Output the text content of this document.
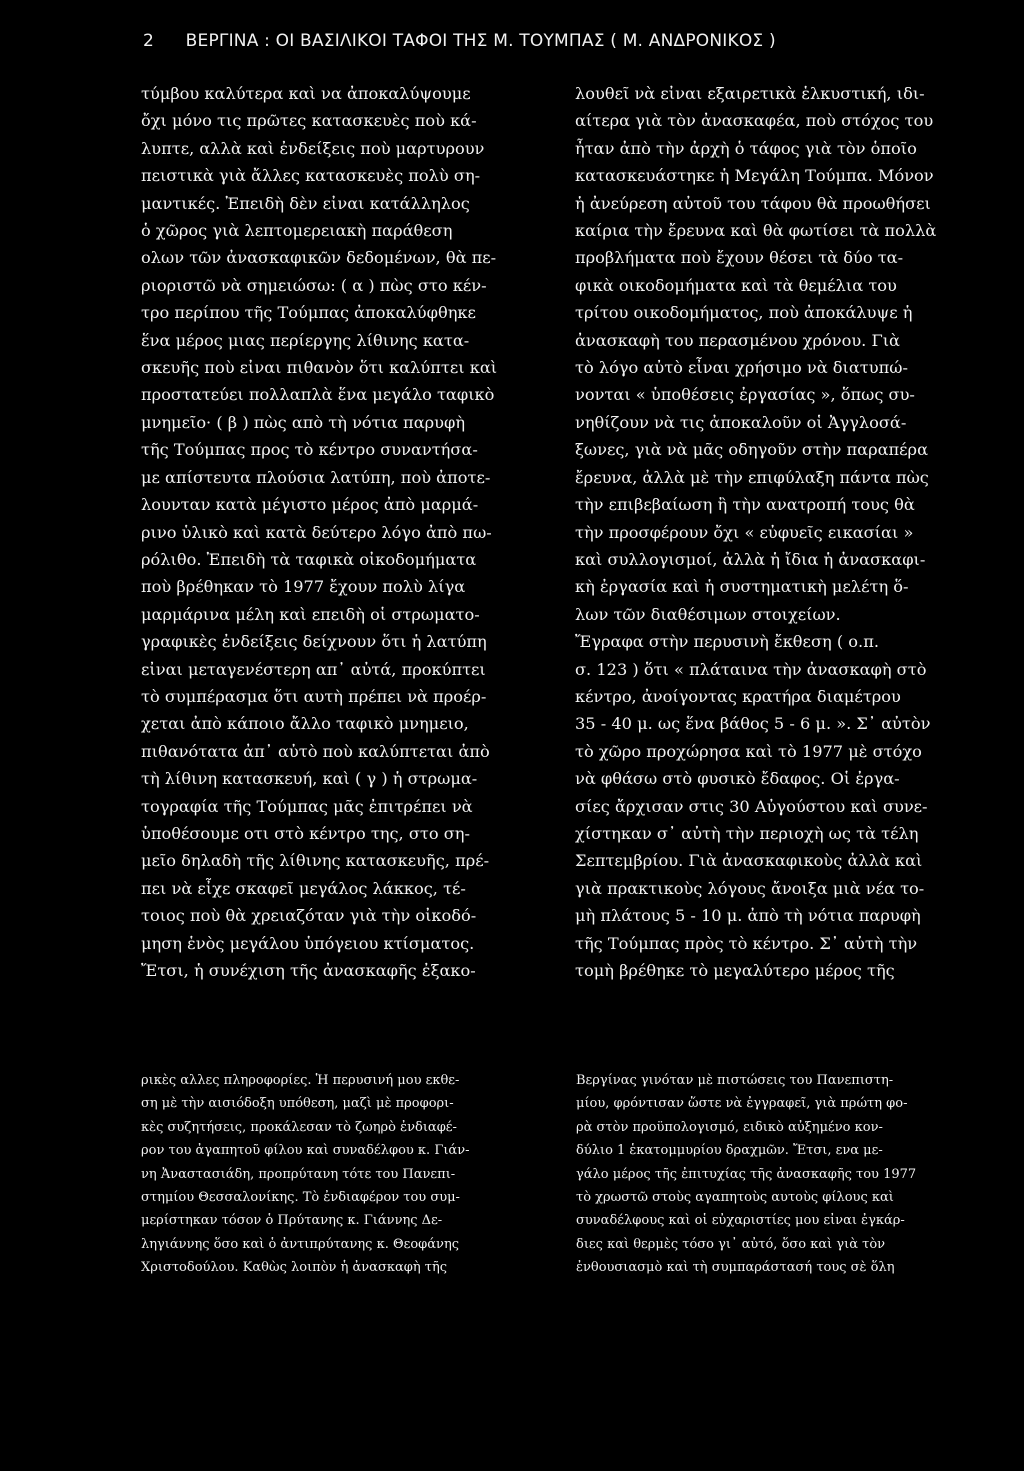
2 ΒΕΡΓΙΝΑ : ΟΙ ΒΑΣΙΛΙΚΟΙ ΤΑΦΟΙ ΤΗΣ Μ. ΤΟΥΜΠΑΣ ( Μ. ΑΝΔΡΟΝΙΚΟΣ )
τύμβου καλύτερα καὶ να ἀποκαλύψουμε
ὄχι μόνο τις πρῶτες κατασκευὲς ποὺ κά-
λυπτε, αλλὰ καὶ ἐνδείξεις ποὺ μαρτυρουν
πειστικὰ γιὰ ἄλλες κατασκευὲς πολὺ ση-
μαντικές. Ἐπειδὴ δὲν εἰναι κατάλληλος
ὁ χῶρος γιὰ λεπτομερειακὴ παράθεση
ολων τῶν ἀνασκαφικῶν δεδομένων, θὰ πε-
ριοριστῶ νὰ σημειώσω: ( α ) πὼς στο κέν-
τρο περίπου τῆς Τούμπας ἀποκαλύφθηκε
ἕνα μέρος μιας περίεργης λίθινης κατα-
σκευῆς ποὺ εἰναι πιθανὸν ὅτι καλύπτει καὶ
προστατεύει πολλαπλὰ ἕνα μεγάλο ταφικὸ
μνημεῖο· ( β ) πὼς απὸ τὴ νότια παρυφὴ
τῆς Τούμπας προς τὸ κέντρο συναντήσα-
με απίστευτα πλούσια λατύπη, ποὺ ἀποτε-
λουνταν κατὰ μέγιστο μέρος ἀπὸ μαρμά-
ρινο ὑλικὸ καὶ κατὰ δεύτερο λόγο ἀπὸ πω-
ρόλιθο. Ἐπειδὴ τὰ ταφικὰ οἰκοδομήματα
ποὺ βρέθηκαν τὸ 1977 ἔχουν πολὺ λίγα
μαρμάρινα μέλη καὶ επειδὴ οἱ στρωματο-
γραφικὲς ἐνδείξεις δείχνουν ὅτι ἡ λατύπη
εἰναι μεταγενέστερη απ᾽ αὐτά, προκύπτει
τὸ συμπέρασμα ὅτι αυτὴ πρέπει νὰ προέρ-
χεται ἀπὸ κάποιο ἄλλο ταφικὸ μνημειο,
πιθανότατα ἀπ᾽ αὐτὸ ποὺ καλύπτεται ἀπὸ
τὴ λίθινη κατασκευή, καὶ ( γ ) ἡ στρωμα-
τογραφία τῆς Τούμπας μᾶς ἐπιτρέπει νὰ
ὑποθέσουμε οτι στὸ κέντρο της, στο ση-
μεῖο δηλαδὴ τῆς λίθινης κατασκευῆς, πρέ-
πει νὰ εἶχε σκαφεῖ μεγάλος λάκκος, τέ-
τοιος ποὺ θὰ χρειαζόταν γιὰ τὴν οἰκοδό-
μηση ἑνὸς μεγάλου ὑπόγειου κτίσματος.
Ἔτσι, ἡ συνέχιση τῆς ἀνασκαφῆς ἐξακο-
λουθεῖ νὰ εἰναι εξαιρετικὰ ἑλκυστική, ιδι-
αίτερα γιὰ τὸν ἀνασκαφέα, ποὺ στόχος του
ἦταν ἀπὸ τὴν ἀρχὴ ὁ τάφος γιὰ τὸν ὁποῖο
κατασκευάστηκε ἡ Μεγάλη Τούμπα. Μόνον
ἡ ἀνεύρεση αὐτοῦ του τάφου θὰ προωθήσει
καίρια τὴν ἔρευνα καὶ θὰ φωτίσει τὰ πολλὰ
προβλήματα ποὺ ἔχουν θέσει τὰ δύο τα-
φικὰ οικοδομήματα καὶ τὰ θεμέλια του
τρίτου οικοδομήματος, ποὺ ἀποκάλυψε ἡ
ἀνασκαφὴ του περασμένου χρόνου. Γιὰ
τὸ λόγο αὐτὸ εἶναι χρήσιμο νὰ διατυπώ-
νονται « ὑποθέσεις ἐργασίας », ὅπως συ-
νηθίζουν νὰ τις ἀποκαλοῦν οἱ Ἀγγλοσά-
ξωνες, γιὰ νὰ μᾶς οδηγοῦν στὴν παραπέρα
ἔρευνα, ἀλλὰ μὲ τὴν επιφύλαξη πάντα πὼς
τὴν επιβεβαίωση ἢ τὴν ανατροπή τους θὰ
τὴν προσφέρουν ὄχι « εὐφυεῖς εικασίαι »
καὶ συλλογισμοί, ἀλλὰ ἡ ἴδια ἡ ἀνασκαφι-
κὴ ἐργασία καὶ ἡ συστηματικὴ μελέτη ὅ-
λων τῶν διαθέσιμων στοιχείων.
Ἔγραφα στὴν περυσινὴ ἔκθεση ( ο.π.
σ. 123 ) ὅτι « πλάταινα τὴν ἀνασκαφὴ στὸ
κέντρο, ἀνοίγοντας κρατήρα διαμέτρου
35 - 40 μ. ως ἕνα βάθος 5 - 6 μ. ». Σ᾽ αὐτὸν
τὸ χῶρο προχώρησα καὶ τὸ 1977 μὲ στόχο
νὰ φθάσω στὸ φυσικὸ ἔδαφος. Οἱ ἐργα-
σίες ἄρχισαν στις 30 Αὐγούστου καὶ συνε-
χίστηκαν σ᾽ αὐτὴ τὴν περιοχὴ ως τὰ τέλη
Σεπτεμβρίου. Γιὰ ἀνασκαφικοὺς ἀλλὰ καὶ
γιὰ πρακτικοὺς λόγους ἄνοιξα μιὰ νέα το-
μὴ πλάτους 5 - 10 μ. ἀπὸ τὴ νότια παρυφὴ
τῆς Τούμπας πρὸς τὸ κέντρο. Σ᾽ αὐτὴ τὴν
τομὴ βρέθηκε τὸ μεγαλύτερο μέρος τῆς
ρικὲς αλλες πληροφορίες. Ἡ περυσινή μου εκθε-
ση μὲ τὴν αισιόδοξη υπόθεση, μαζὶ μὲ προφορι-
κὲς συζητήσεις, προκάλεσαν τὸ ζωηρὸ ἐνδιαφέ-
ρον του ἀγαπητοῦ φίλου καὶ συναδέλφου κ. Γιάν-
νη Ἀναστασιάδη, πρoπρύτανη τότε του Πανεπι-
στημίου Θεσσαλονίκης. Τὸ ἐνδιαφέρον του συμ-
μερίστηκαν τόσον ὁ Πρύτανης κ. Γιάννης Δε-
ληγιάννης ὅσο καὶ ὁ ἀντιπρύτανης κ. Θεοφάνης
Χριστοδούλου. Καθὼς λοιπὸν ἡ ἀνασκαφὴ τῆς
Βεργίνας γινόταν μὲ πιστώσεις του Πανεπιστη-
μίου, φρόντισαν ὥστε νὰ ἐγγραφεῖ, γιὰ πρώτη φο-
ρὰ στὸν προϋπολογισμό, ειδικὸ αὐξημένο κον-
δύλιο 1 ἑκατομμυρίου δραχμῶν. Ἔτσι, ενα με-
γάλο μέρος τῆς ἐπιτυχίας τῆς ἀνασκαφῆς του 1977
τὸ χρωστῶ στοὺς αγαπητοὺς αυτοὺς φίλους καὶ
συναδέλφους καὶ οἱ εὐχαριστίες μου εἰναι ἐγκάρ-
διες καὶ θερμὲς τόσο γι᾽ αὐτό, ὅσο καὶ γιὰ τὸν
ἐνθουσιασμὸ καὶ τὴ συμπαράστασή τους σὲ ὅλη
